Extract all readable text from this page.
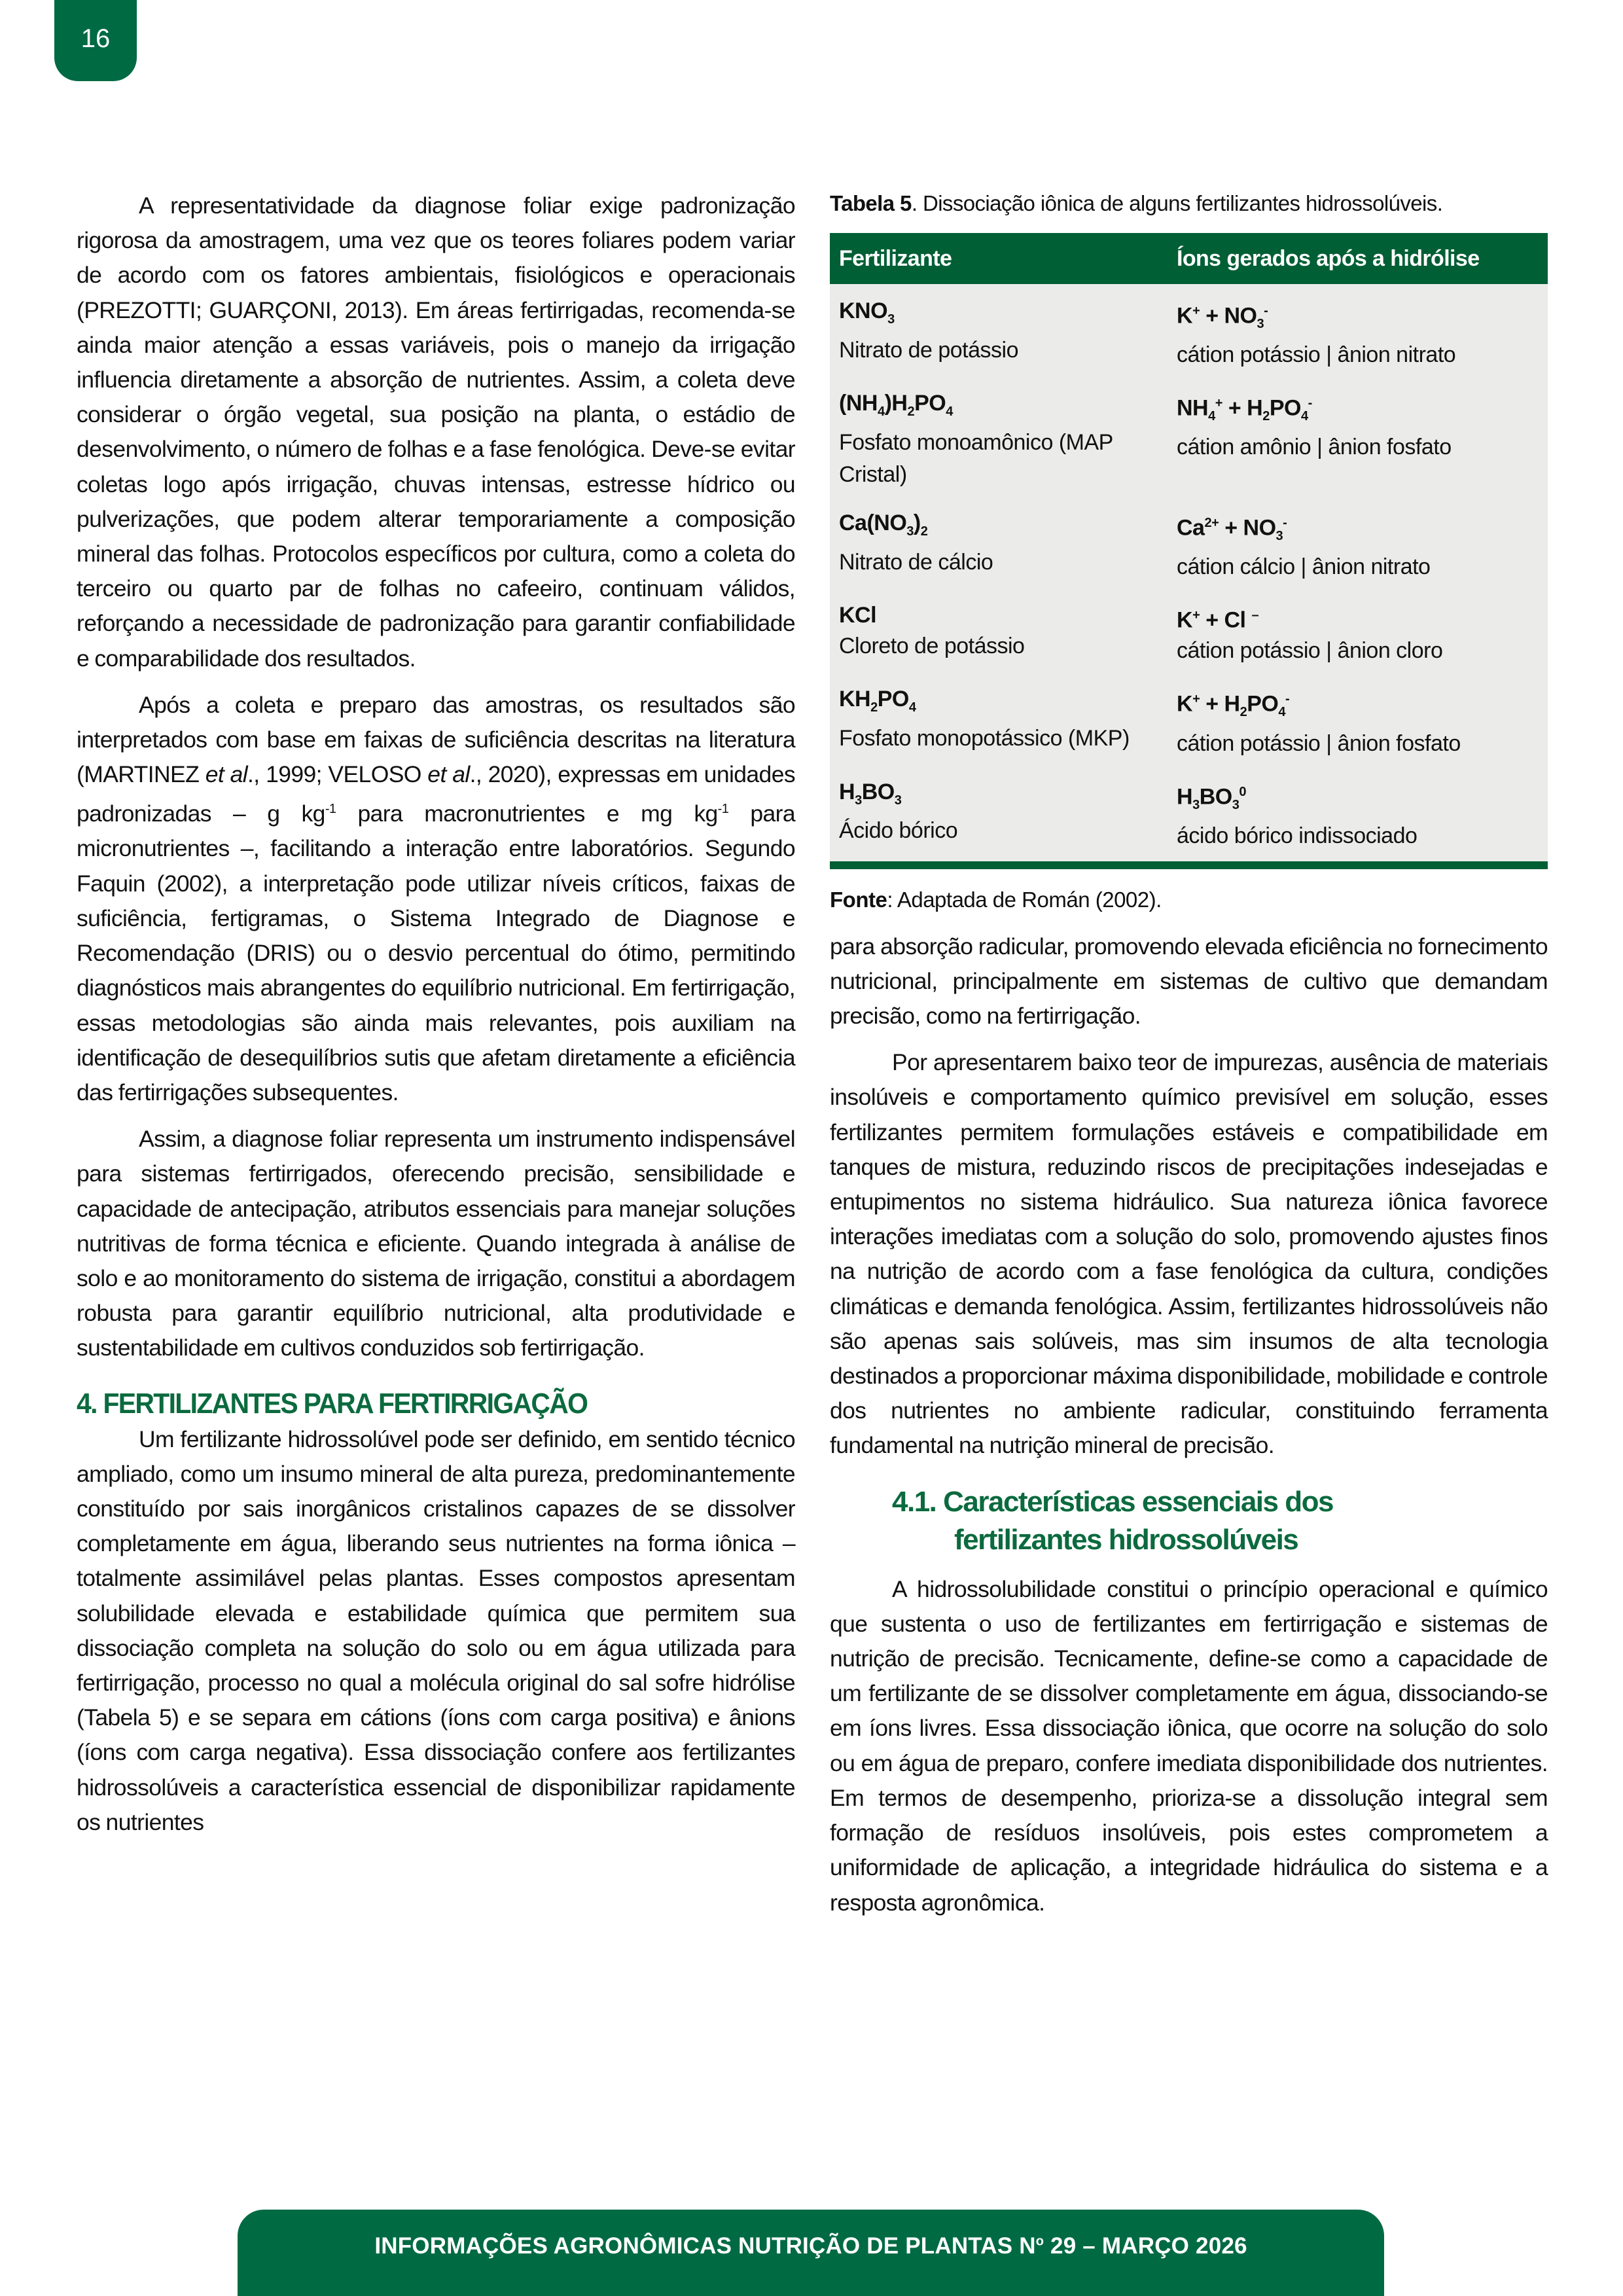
16

A representatividade da diagnose foliar exige padronização rigorosa da amostragem, uma vez que os teores foliares podem variar de acordo com os fatores ambientais, fisiológicos e operacionais (PREZOTTI; GUARÇONI, 2013). Em áreas fertirrigadas, recomenda-se ainda maior atenção a essas variáveis, pois o manejo da irrigação influencia diretamente a absorção de nutrientes. Assim, a coleta deve considerar o órgão vegetal, sua posição na planta, o estádio de desenvolvimento, o número de folhas e a fase fenológica. Deve-se evitar coletas logo após irrigação, chuvas intensas, estresse hídrico ou pulverizações, que podem alterar temporariamente a composição mineral das folhas. Protocolos específicos por cultura, como a coleta do terceiro ou quarto par de folhas no cafeeiro, continuam válidos, reforçando a necessidade de padronização para garantir confiabilidade e comparabilidade dos resultados.

Após a coleta e preparo das amostras, os resultados são interpretados com base em faixas de suficiência descritas na literatura (MARTINEZ et al., 1999; VELOSO et al., 2020), expressas em unidades padronizadas – g $kg^{-1}$ para macronutrientes e mg $kg^{-1}$ para micronutrientes –, facilitando a interação entre laboratórios. Segundo Faquin (2002), a interpretação pode utilizar níveis críticos, faixas de suficiência, fertigramas, o Sistema Integrado de Diagnose e Recomendação (DRIS) ou o desvio percentual do ótimo, permitindo diagnósticos mais abrangentes do equilíbrio nutricional. Em fertirrigação, essas metodologias são ainda mais relevantes, pois auxiliam na identificação de desequilíbrios sutis que afetam diretamente a eficiência das fertirrigações subsequentes.

Assim, a diagnose foliar representa um instrumento indispensável para sistemas fertirrigados, oferecendo precisão, sensibilidade e capacidade de antecipação, atributos essenciais para manejar soluções nutritivas de forma técnica e eficiente. Quando integrada à análise de solo e ao monitoramento do sistema de irrigação, constitui a abordagem robusta para garantir equilíbrio nutricional, alta produtividade e sustentabilidade em cultivos conduzidos sob fertirrigação.

4. FERTILIZANTES PARA FERTIRRIGAÇÃO

Um fertilizante hidrossolúvel pode ser definido, em sentido técnico ampliado, como um insumo mineral de alta pureza, predominantemente constituído por sais inorgânicos cristalinos capazes de se dissolver completamente em água, liberando seus nutrientes na forma iônica – totalmente assimilável pelas plantas. Esses compostos apresentam solubilidade elevada e estabilidade química que permitem sua dissociação completa na solução do solo ou em água utilizada para fertirrigação, processo no qual a molécula original do sal sofre hidrólise (Tabela 5) e se separa em cátions (íons com carga positiva) e ânions (íons com carga negativa). Essa dissociação confere aos fertilizantes hidrossolúveis a característica essencial de disponibilizar rapidamente os nutrientes

Tabela 5. Dissociação iônica de alguns fertilizantes hidrossolúveis.

Fertilizante	Íons gerados após a hidrólise
$KNO_3$
Nitrato de potássio
$K^+ + NO_3^-$
cátion potássio | ânion nitrato
$(NH_4)H_2PO_4$
Fosfato monoamônico (MAP Cristal)
$NH_4^+ + H_2PO_4^-$
cátion amônio | ânion fosfato
$Ca(NO_3)_2$
Nitrato de cálcio
$Ca^{2+} + NO_3^-$
cátion cálcio | ânion nitrato
KCl
Cloreto de potássio
K+ + Cl –
cátion potássio | ânion cloro
$KH_2PO_4$
Fosfato monopotássico (MKP)
$K^+ + H_2PO_4^-$
cátion potássio | ânion fosfato
$H_3BO_3$
Ácido bórico
$H_3BO_3^0$
ácido bórico indissociado

Fonte: Adaptada de Román (2002).

para absorção radicular, promovendo elevada eficiência no fornecimento nutricional, principalmente em sistemas de cultivo que demandam precisão, como na fertirrigação.

Por apresentarem baixo teor de impurezas, ausência de materiais insolúveis e comportamento químico previsível em solução, esses fertilizantes permitem formulações estáveis e compatibilidade em tanques de mistura, reduzindo riscos de precipitações indesejadas e entupimentos no sistema hidráulico. Sua natureza iônica favorece interações imediatas com a solução do solo, promovendo ajustes finos na nutrição de acordo com a fase fenológica da cultura, condições climáticas e demanda fenológica. Assim, fertilizantes hidrossolúveis não são apenas sais solúveis, mas sim insumos de alta tecnologia destinados a proporcionar máxima disponibilidade, mobilidade e controle dos nutrientes no ambiente radicular, constituindo ferramenta fundamental na nutrição mineral de precisão.

4.1. Características essenciais dos
fertilizantes hidrossolúveis

A hidrossolubilidade constitui o princípio operacional e químico que sustenta o uso de fertilizantes em fertirrigação e sistemas de nutrição de precisão. Tecnicamente, define-se como a capacidade de um fertilizante de se dissolver completamente em água, dissociando-se em íons livres. Essa dissociação iônica, que ocorre na solução do solo ou em água de preparo, confere imediata disponibilidade dos nutrientes. Em termos de desempenho, prioriza-se a dissolução integral sem formação de resíduos insolúveis, pois estes comprometem a uniformidade de aplicação, a integridade hidráulica do sistema e a resposta agronômica.

INFORMAÇÕES AGRONÔMICAS NUTRIÇÃO DE PLANTAS $N^o$ 29 – MARÇO 2026
